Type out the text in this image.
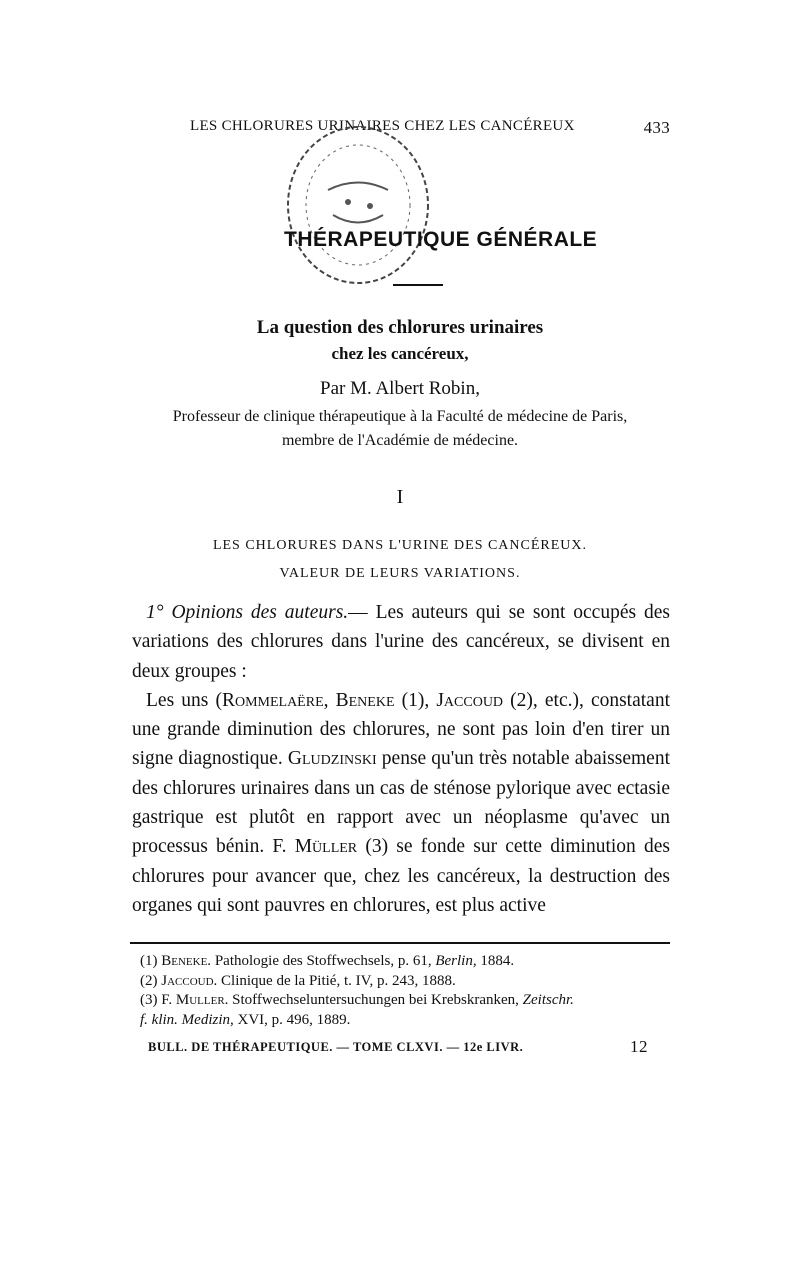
LES CHLORURES URINAIRES CHEZ LES CANCÉREUX	433
THÉRAPEUTIQUE GÉNÉRALE
La question des chlorures urinaires
chez les cancéreux,
Par M. Albert Robin,
Professeur de clinique thérapeutique à la Faculté de médecine de Paris,
membre de l'Académie de médecine.
I
LES CHLORURES DANS L'URINE DES CANCÉREUX.
VALEUR DE LEURS VARIATIONS.

1° Opinions des auteurs.— Les auteurs qui se sont occupés des variations des chlorures dans l'urine des cancéreux, se divisent en deux groupes :

Les uns (Rommelaëre, Beneke (1), Jaccoud (2), etc.), constatant une grande diminution des chlorures, ne sont pas loin d'en tirer un signe diagnostique. Gludzinski pense qu'un très notable abaissement des chlorures urinaires dans un cas de sténose pylorique avec ectasie gastrique est plutôt en rapport avec un néoplasme qu'avec un processus bénin. F. Müller (3) se fonde sur cette diminution des chlorures pour avancer que, chez les cancéreux, la destruction des organes qui sont pauvres en chlorures, est plus active

(1) Beneke. Pathologie des Stoffwechsels, p. 61, Berlin, 1884.
(2) Jaccoud. Clinique de la Pitié, t. IV, p. 243, 1888.
(3) F. Muller. Stoffwechseluntersuchungen bei Krebskranken, Zeitschr.
f. klin. Medizin, XVI, p. 496, 1889.
BULL. DE THÉRAPEUTIQUE. — TOME CLXVI. — 12e LIVR.	12
